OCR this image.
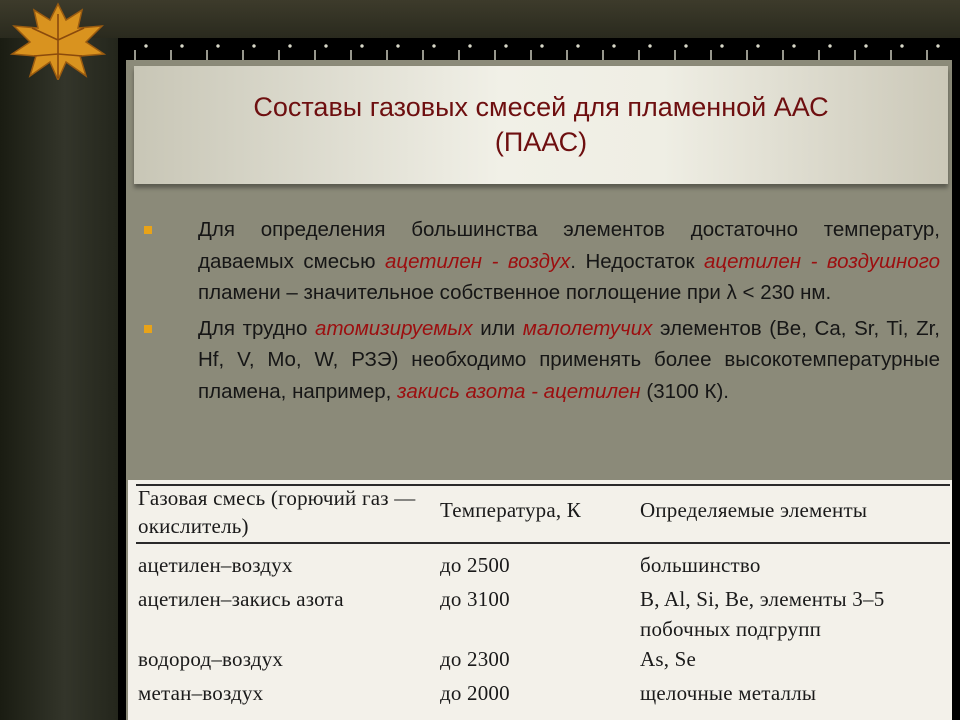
Составы газовых смесей для пламенной ААС
(ПААС)
Для определения большинства элементов достаточно температур, даваемых смесью ацетилен - воздух. Недостаток ацетилен - воздушного пламени – значительное собственное поглощение при λ < 230 нм.
Для трудно атомизируемых или малолетучих элементов (Be, Ca, Sr, Ti, Zr, Hf, V, Mo, W, РЗЭ) необходимо применять более высокотемпературные пламена, например, закись азота - ацетилен (3100 К).
Газовая смесь (горючий газ — окислитель)	Температура, К	Определяемые элементы
ацетилен–воздух	до 2500	большинство
ацетилен–закись азота	до 3100	B, Al, Si, Be, элементы 3–5 побочных подгрупп
водород–воздух	до 2300	As, Se
метан–воздух	до 2000	щелочные металлы
